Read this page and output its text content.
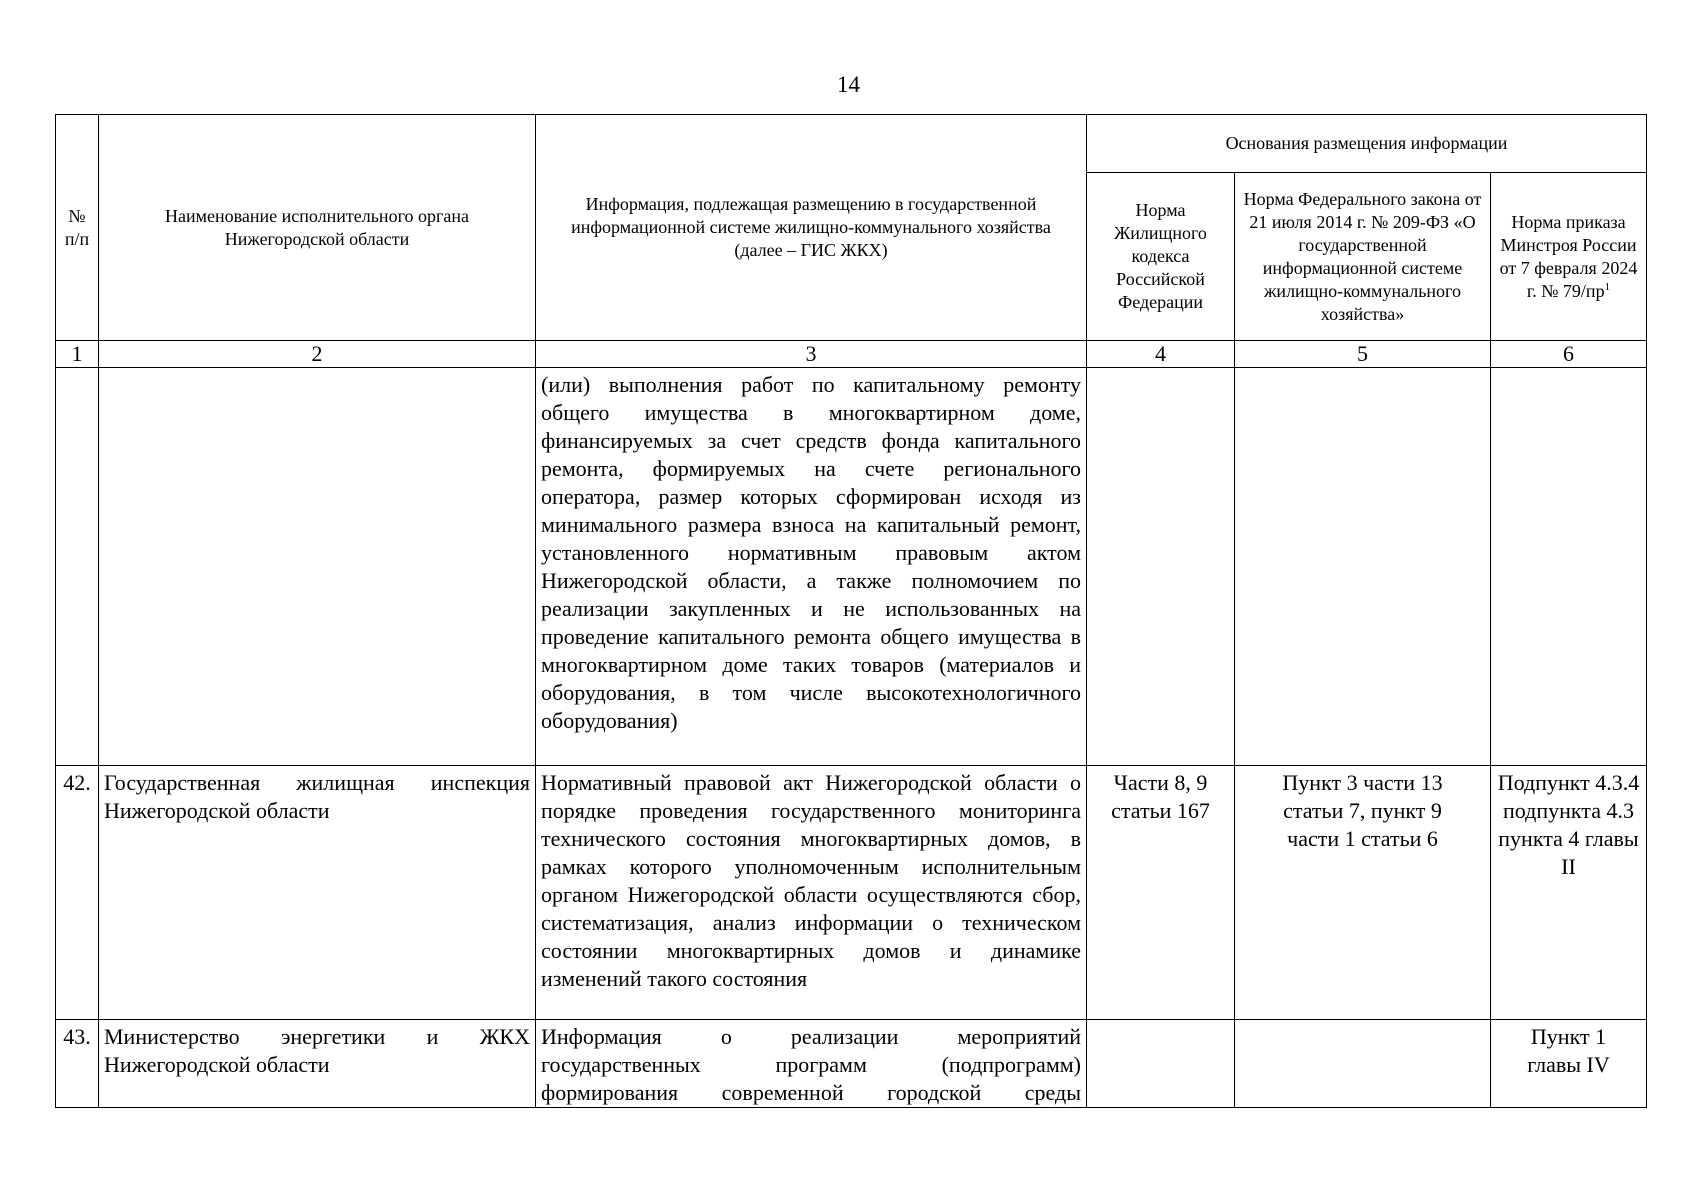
14
№ п/п	Наименование исполнительного органа Нижегородской области	Информация, подлежащая размещению в государственной информационной системе жилищно-коммунального хозяйства (далее – ГИС ЖКХ)	Основания размещения информации		
			Норма Жилищного кодекса Российской Федерации	Норма Федерального закона от 21 июля 2014 г. № 209-ФЗ «О государственной информационной системе жилищно-коммунального хозяйства»	Норма приказа Минстроя России от 7 февраля 2024 г. № $79/пр^1$
1	2	3	4	5	6
		(или) выполнения работ по капитальному ремонту общего имущества в многоквартирном доме, финансируемых за счет средств фонда капитального ремонта, формируемых на счете регионального оператора, размер которых сформирован исходя из минимального размера взноса на капитальный ремонт, установленного нормативным правовым актом Нижегородской области, а также полномочием по реализации закупленных и не использованных на проведение капитального ремонта общего имущества в многоквартирном доме таких товаров (материалов и оборудования, в том числе высокотехнологичного оборудования)			
42.	Государственная жилищная инспекция Нижегородской области	Нормативный правовой акт Нижегородской области о порядке проведения государственного мониторинга технического состояния многоквартирных домов, в рамках которого уполномоченным исполнительным органом Нижегородской области осуществляются сбор, систематизация, анализ информации о техническом состоянии многоквартирных домов и динамике изменений такого состояния	Части 8, 9 статьи 167	Пункт 3 части 13 статьи 7, пункт 9 части 1 статьи 6	Подпункт 4.3.4 подпункта 4.3 пункта 4 главы II
43.	Министерство энергетики и ЖКХ Нижегородской области	Информация о реализации мероприятий государственных программ (подпрограмм) формирования современной городской среды			Пункт 1 главы IV
